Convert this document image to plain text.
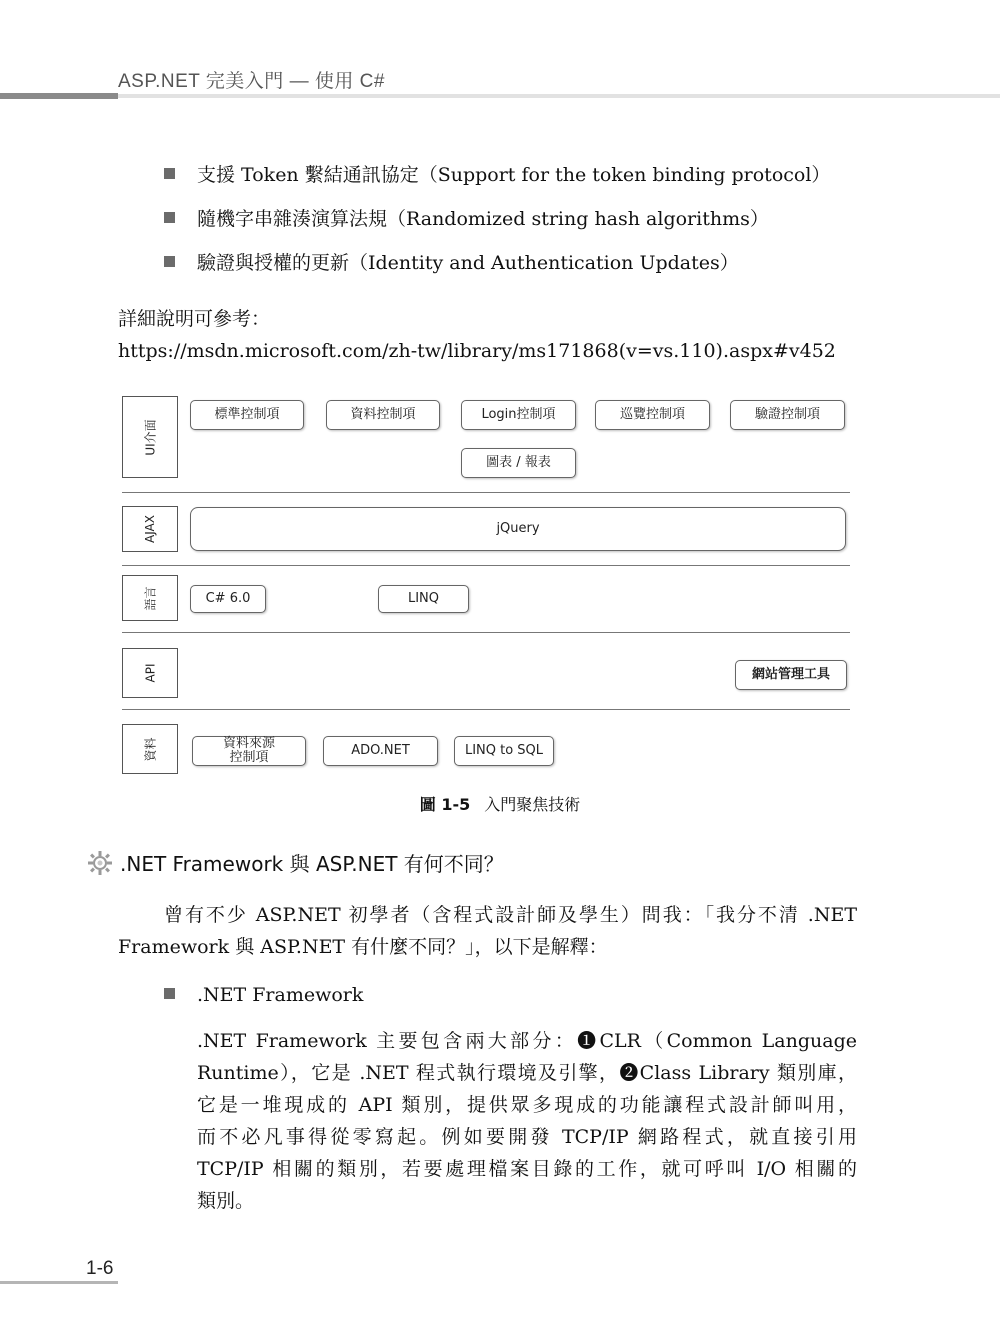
ASP.NET 完美入門 — 使用 C#
支援 Token 繫結通訊協定（Support for the token binding protocol）
隨機字串雜湊演算法規（Randomized string hash algorithms）
驗證與授權的更新（Identity and Authentication Updates）
詳細說明可參考：
https://msdn.microsoft.com/zh-tw/library/ms171868(v=vs.110).aspx#v452
UI介面
標準控制項	資料控制項	Login控制項	巡覽控制項	驗證控制項
圖表 / 報表
AJAX	jQuery
語言	C# 6.0	LINQ
API	網站管理工具
資料	資料來源
控制項	ADO.NET	LINQ to SQL
圖 1-5 入門聚焦技術
.NET Framework 與 ASP.NET 有何不同？
曾有不少 ASP.NET 初學者（含程式設計師及學生）問我：「我分不清 .NET
Framework 與 ASP.NET 有什麼不同？」，以下是解釋：
.NET Framework
.NET Framework 主要包含兩大部分：❶CLR（Common Language
Runtime），它是 .NET 程式執行環境及引擎，❷Class Library 類別庫，
它是一堆現成的 API 類別，提供眾多現成的功能讓程式設計師叫用，
而不必凡事得從零寫起。例如要開發 TCP/IP 網路程式，就直接引用
TCP/IP 相關的類別，若要處理檔案目錄的工作，就可呼叫 I/O 相關的
類別。
1-6
